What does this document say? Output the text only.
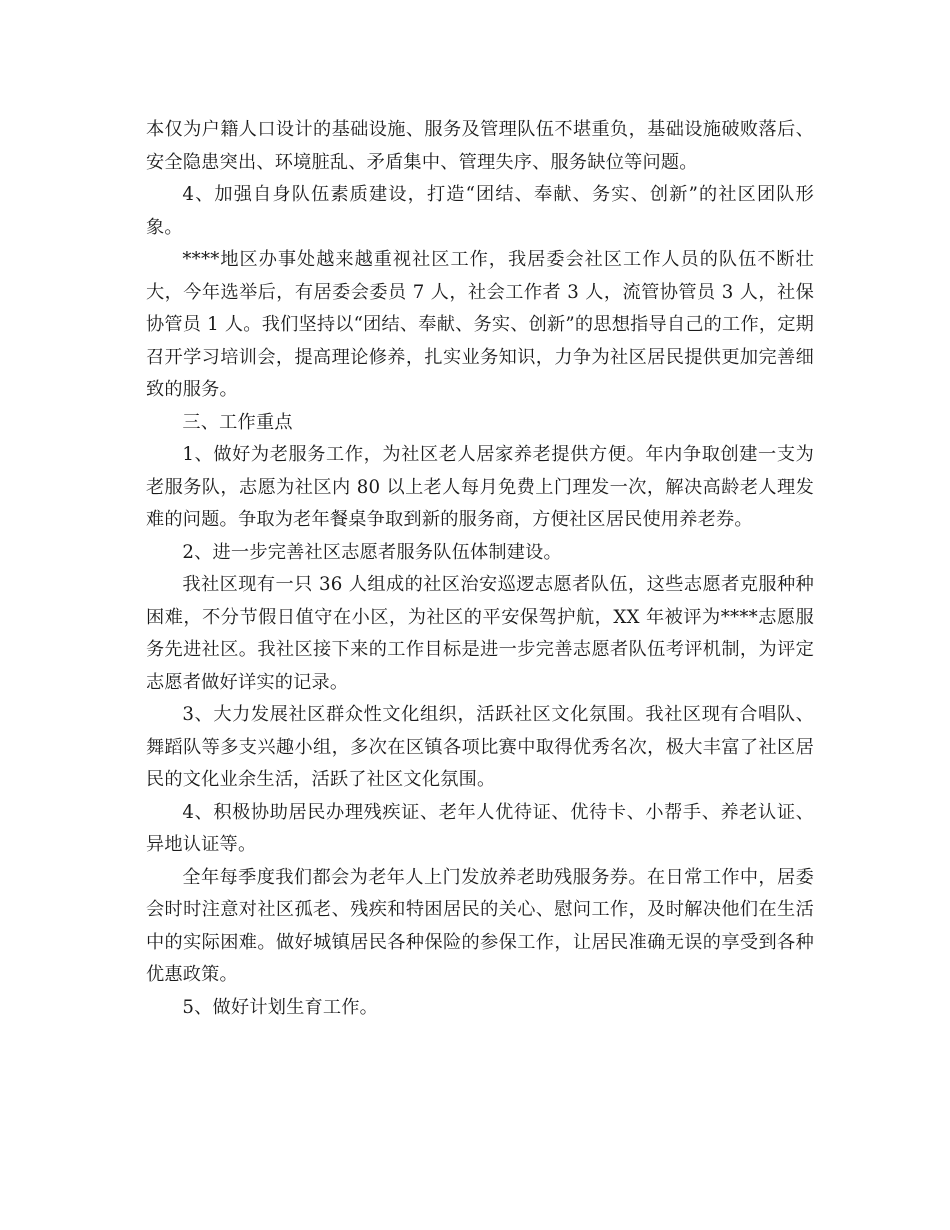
本仅为户籍人口设计的基础设施、服务及管理队伍不堪重负，基础设施破败落后、安全隐患突出、环境脏乱、矛盾集中、管理失序、服务缺位等问题。

4、加强自身队伍素质建设，打造“团结、奉献、务实、创新”的社区团队形象。

****地区办事处越来越重视社区工作，我居委会社区工作人员的队伍不断壮大，今年选举后，有居委会委员 7 人，社会工作者 3 人，流管协管员 3 人，社保协管员 1 人。我们坚持以“团结、奉献、务实、创新”的思想指导自己的工作，定期召开学习培训会，提高理论修养，扎实业务知识，力争为社区居民提供更加完善细致的服务。

三、工作重点

1、做好为老服务工作，为社区老人居家养老提供方便。年内争取创建一支为老服务队，志愿为社区内 80 以上老人每月免费上门理发一次，解决高龄老人理发难的问题。争取为老年餐桌争取到新的服务商，方便社区居民使用养老券。

2、进一步完善社区志愿者服务队伍体制建设。

我社区现有一只 36 人组成的社区治安巡逻志愿者队伍，这些志愿者克服种种困难，不分节假日值守在小区，为社区的平安保驾护航，XX 年被评为****志愿服务先进社区。我社区接下来的工作目标是进一步完善志愿者队伍考评机制，为评定志愿者做好详实的记录。

3、大力发展社区群众性文化组织，活跃社区文化氛围。我社区现有合唱队、舞蹈队等多支兴趣小组，多次在区镇各项比赛中取得优秀名次，极大丰富了社区居民的文化业余生活，活跃了社区文化氛围。

4、积极协助居民办理残疾证、老年人优待证、优待卡、小帮手、养老认证、异地认证等。

全年每季度我们都会为老年人上门发放养老助残服务券。在日常工作中，居委会时时注意对社区孤老、残疾和特困居民的关心、慰问工作，及时解决他们在生活中的实际困难。做好城镇居民各种保险的参保工作，让居民准确无误的享受到各种优惠政策。

5、做好计划生育工作。
